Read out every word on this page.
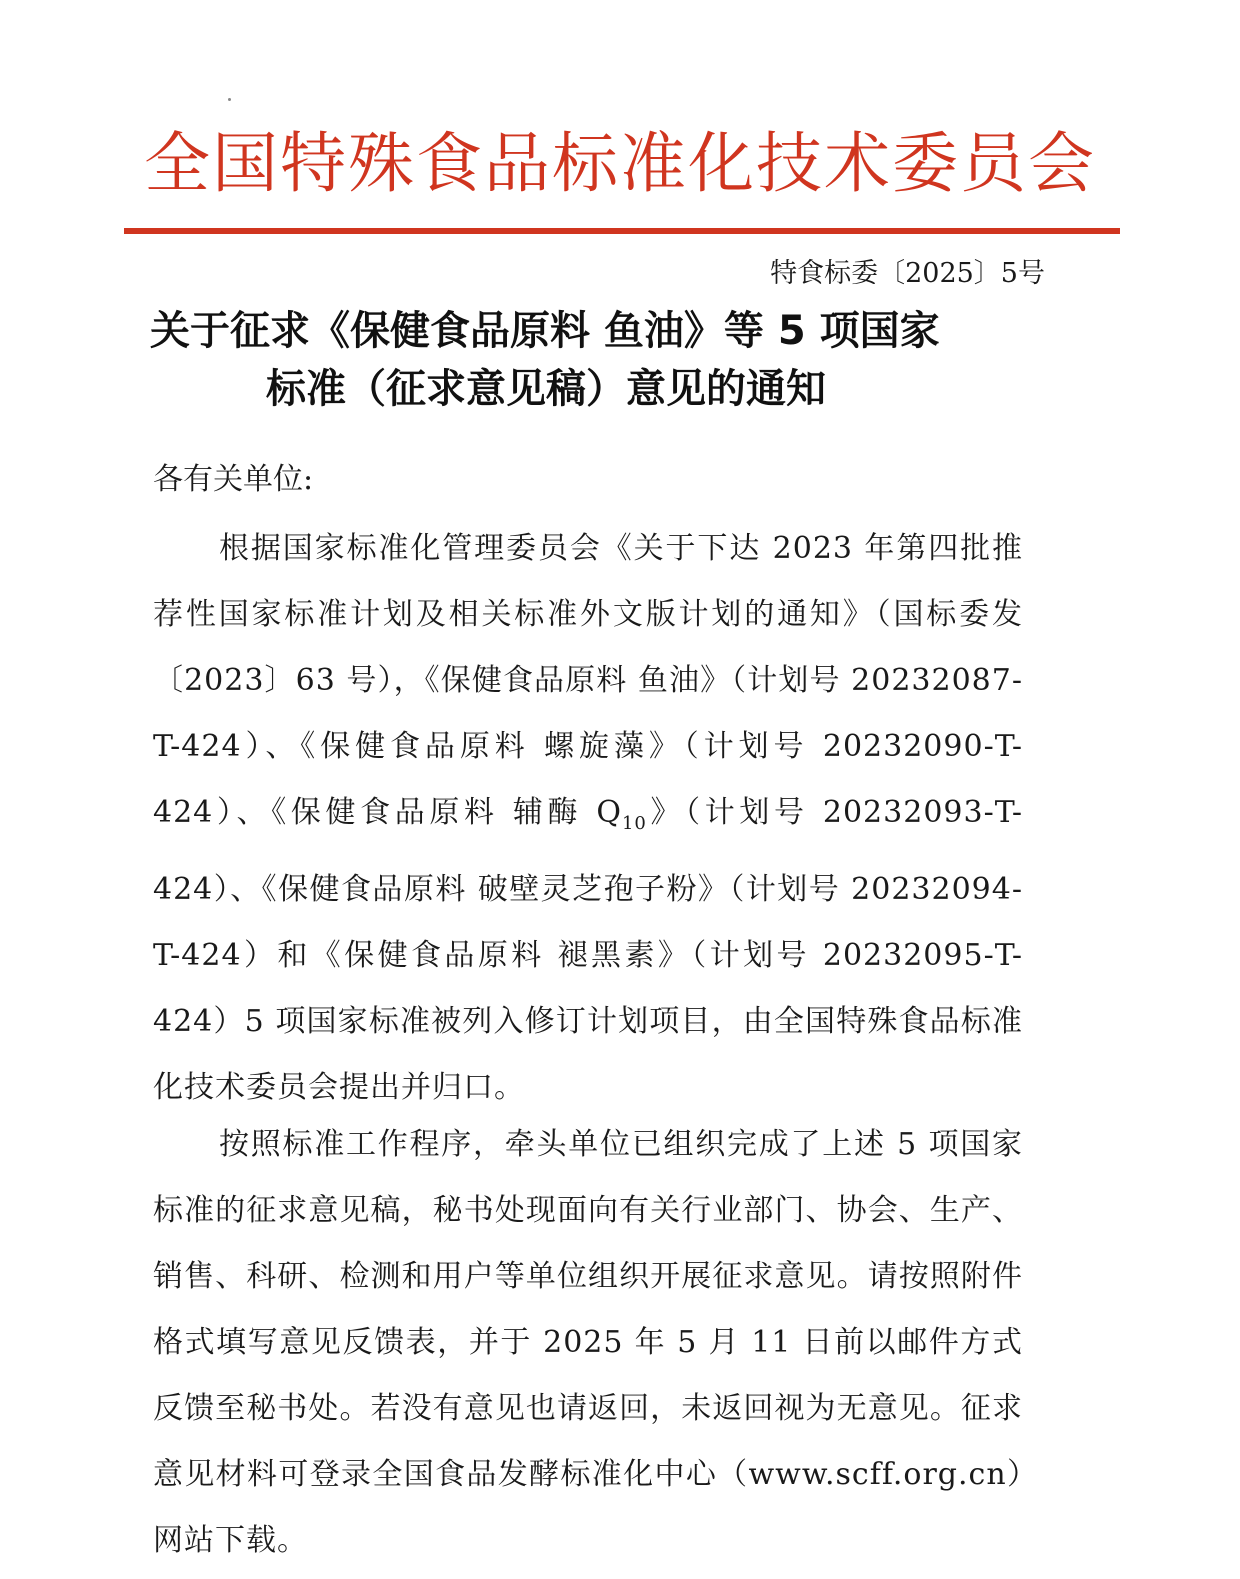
全国特殊食品标准化技术委员会
特食标委〔2025〕5号
关于征求《保健食品原料 鱼油》等 5 项国家
标准（征求意见稿）意见的通知
各有关单位:
根据国家标准化管理委员会《关于下达 2023 年第四批推荐性国家标准计划及相关标准外文版计划的通知》（国标委发〔2023〕63 号），《保健食品原料 鱼油》（计划号 20232087-T-424）、《保健食品原料 螺旋藻》（计划号 20232090-T-424）、《保健食品原料 辅酶 $Q_{10}$》（计划号 20232093-T-424）、《保健食品原料 破壁灵芝孢子粉》（计划号 20232094-T-424）和《保健食品原料 褪黑素》（计划号 20232095-T-424）5 项国家标准被列入修订计划项目，由全国特殊食品标准化技术委员会提出并归口。
按照标准工作程序，牵头单位已组织完成了上述 5 项国家标准的征求意见稿，秘书处现面向有关行业部门、协会、生产、销售、科研、检测和用户等单位组织开展征求意见。请按照附件格式填写意见反馈表，并于 2025 年 5 月 11 日前以邮件方式反馈至秘书处。若没有意见也请返回，未返回视为无意见。征求意见材料可登录全国食品发酵标准化中心（www.scff.org.cn）网站下载。
